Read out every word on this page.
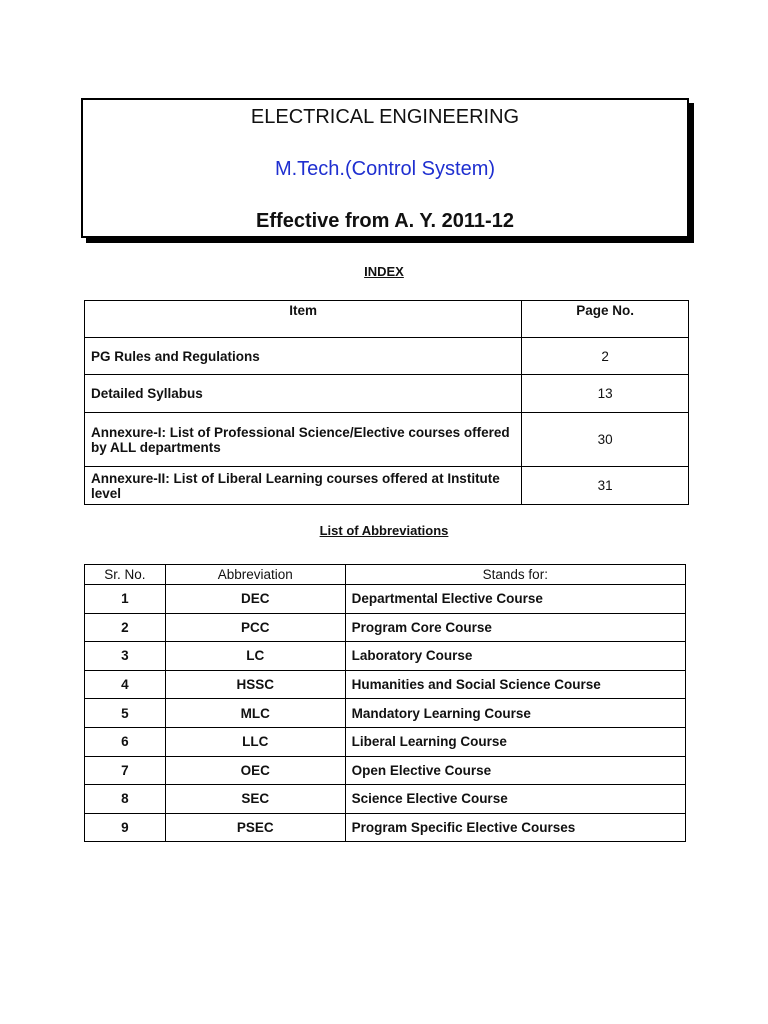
ELECTRICAL ENGINEERING
M.Tech.(Control System)
Effective from A. Y. 2011-12
INDEX
Item	Page No.
PG Rules and Regulations	2
Detailed Syllabus	13
Annexure-I: List of Professional Science/Elective courses offered by ALL departments	30
Annexure-II: List of Liberal Learning courses offered at Institute level	31
List of Abbreviations
Sr. No.	Abbreviation	Stands for:
1	DEC	Departmental Elective Course
2	PCC	Program Core Course
3	LC	Laboratory Course
4	HSSC	Humanities and Social Science Course
5	MLC	Mandatory Learning Course
6	LLC	Liberal Learning Course
7	OEC	Open Elective Course
8	SEC	Science Elective Course
9	PSEC	Program Specific Elective Courses
